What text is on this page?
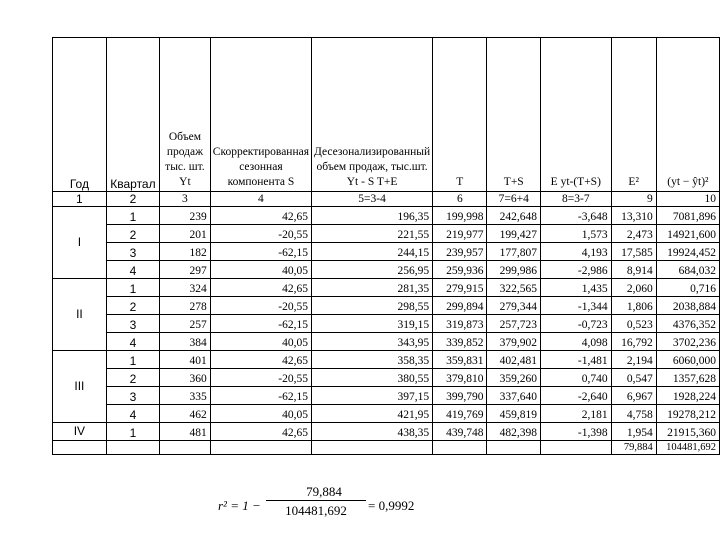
Год	Квартал	Объем продаж тыс. шт. Yt	Скорректированная сезонная компонента S	Десезонализированный объем продаж, тыс.шт. Yt - S T+E	T	T+S	E yt-(T+S)	E²	(yt − ŷt)²
1	2	3	4	5=3-4	6	7=6+4	8=3-7	9	10
I	1	239	42,65	196,35	199,998	242,648	-3,648	13,310	7081,896
	2	201	-20,55	221,55	219,977	199,427	1,573	2,473	14921,600
	3	182	-62,15	244,15	239,957	177,807	4,193	17,585	19924,452
	4	297	40,05	256,95	259,936	299,986	-2,986	8,914	684,032
II	1	324	42,65	281,35	279,915	322,565	1,435	2,060	0,716
	2	278	-20,55	298,55	299,894	279,344	-1,344	1,806	2038,884
	3	257	-62,15	319,15	319,873	257,723	-0,723	0,523	4376,352
	4	384	40,05	343,95	339,852	379,902	4,098	16,792	3702,236
III	1	401	42,65	358,35	359,831	402,481	-1,481	2,194	6060,000
	2	360	-20,55	380,55	379,810	359,260	0,740	0,547	1357,628
	3	335	-62,15	397,15	399,790	337,640	-2,640	6,967	1928,224
	4	462	40,05	421,95	419,769	459,819	2,181	4,758	19278,212
IV	1	481	42,65	438,35	439,748	482,398	-1,398	1,954	21915,360
								79,884	104481,692
r² = 1 −
79,884
104481,692	= 0,9992
